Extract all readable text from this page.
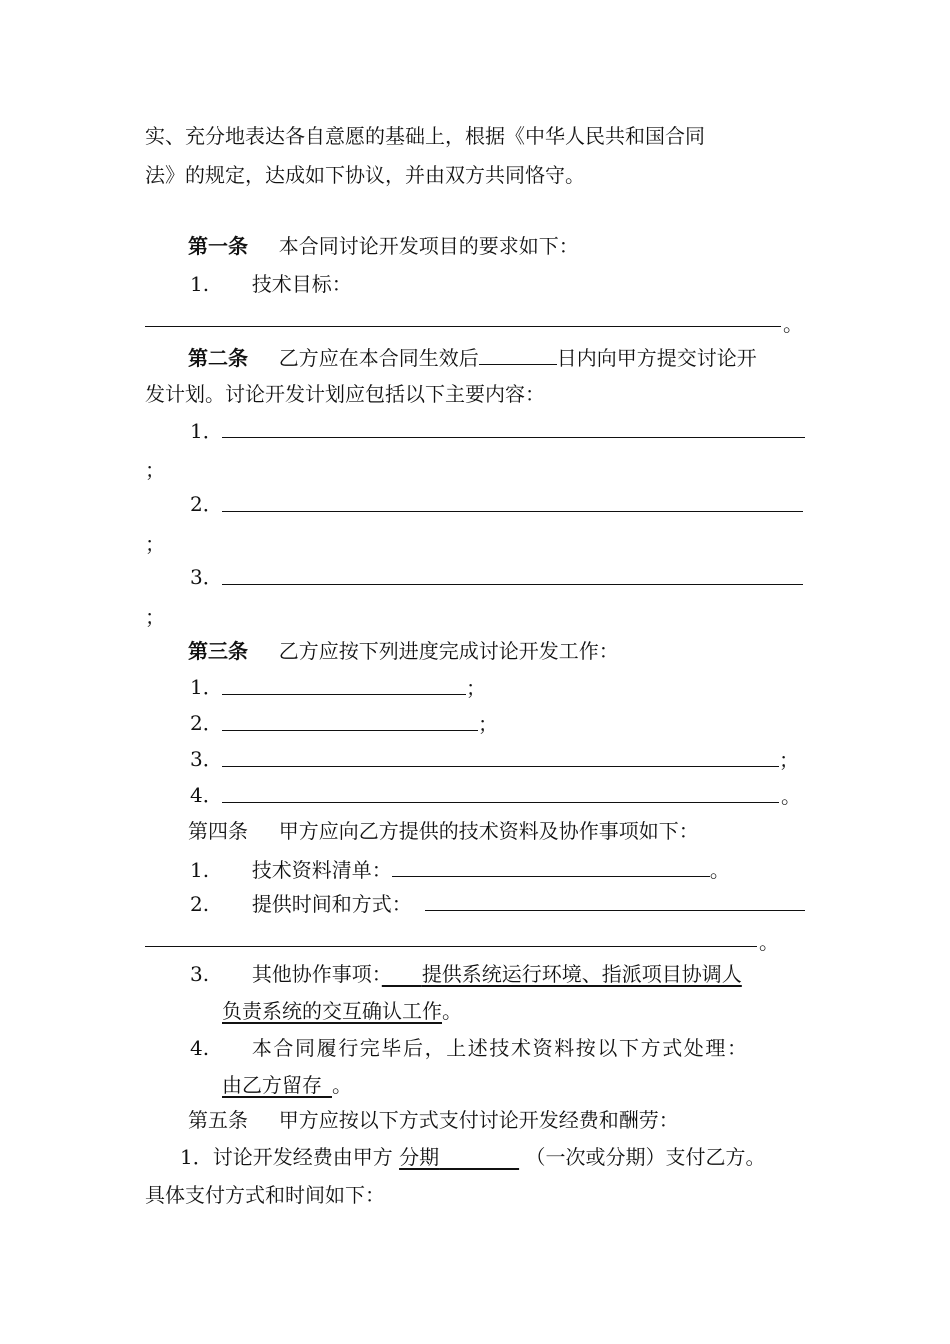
实、充分地表达各自意愿的基础上，根据《中华人民共和国合同
法》的规定，达成如下协议，并由双方共同恪守。
第一条 本合同讨论开发项目的要求如下：
1. 技术目标：
。
第二条 乙方应在本合同生效后	日内向甲方提交讨论开
发计划。讨论开发计划应包括以下主要内容：
1．
；
2．
；
3．
；
第三条 乙方应按下列进度完成讨论开发工作：
1．	；
2．	；
3．	；
4．	。
第四条 甲方应向乙方提供的技术资料及协作事项如下：
1. 技术资料清单：	。
2. 提供时间和方式：
。
3. 其他协作事项：　  提供系统运行环境、指派项目协调人
负责系统的交互确认工作。
4. 本合同履行完毕后，上述技术资料按以下方式处理：
由乙方留存  。
第五条 甲方应按以下方式支付讨论开发经费和酬劳：
1．讨论开发经费由甲方 分期    	（一次或分期）支付乙方。
具体支付方式和时间如下：
